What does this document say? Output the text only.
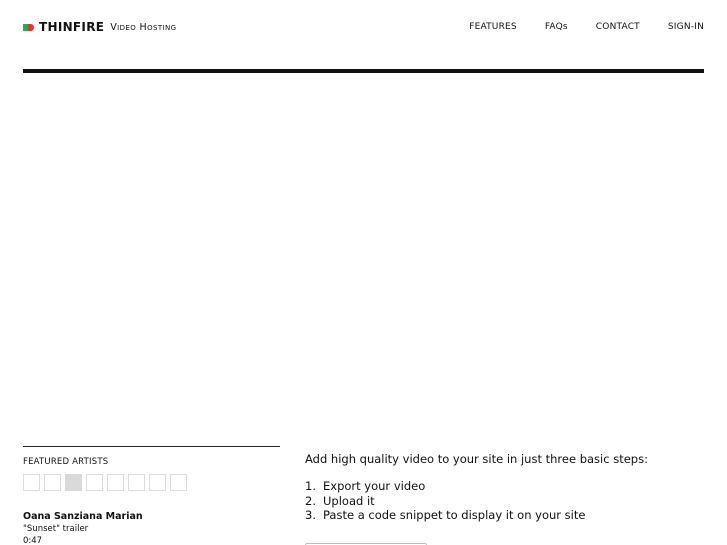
THINFIRE Video Hosting	FEATURES	FAQs	CONTACT	SIGN-IN
FEATURED ARTISTS
Oana Sanziana Marian
"Sunset" trailer
0:47

Add high quality video to your site in just three basic steps:

1. Export your video
2. Upload it
3. Paste a code snippet to display it on your site
